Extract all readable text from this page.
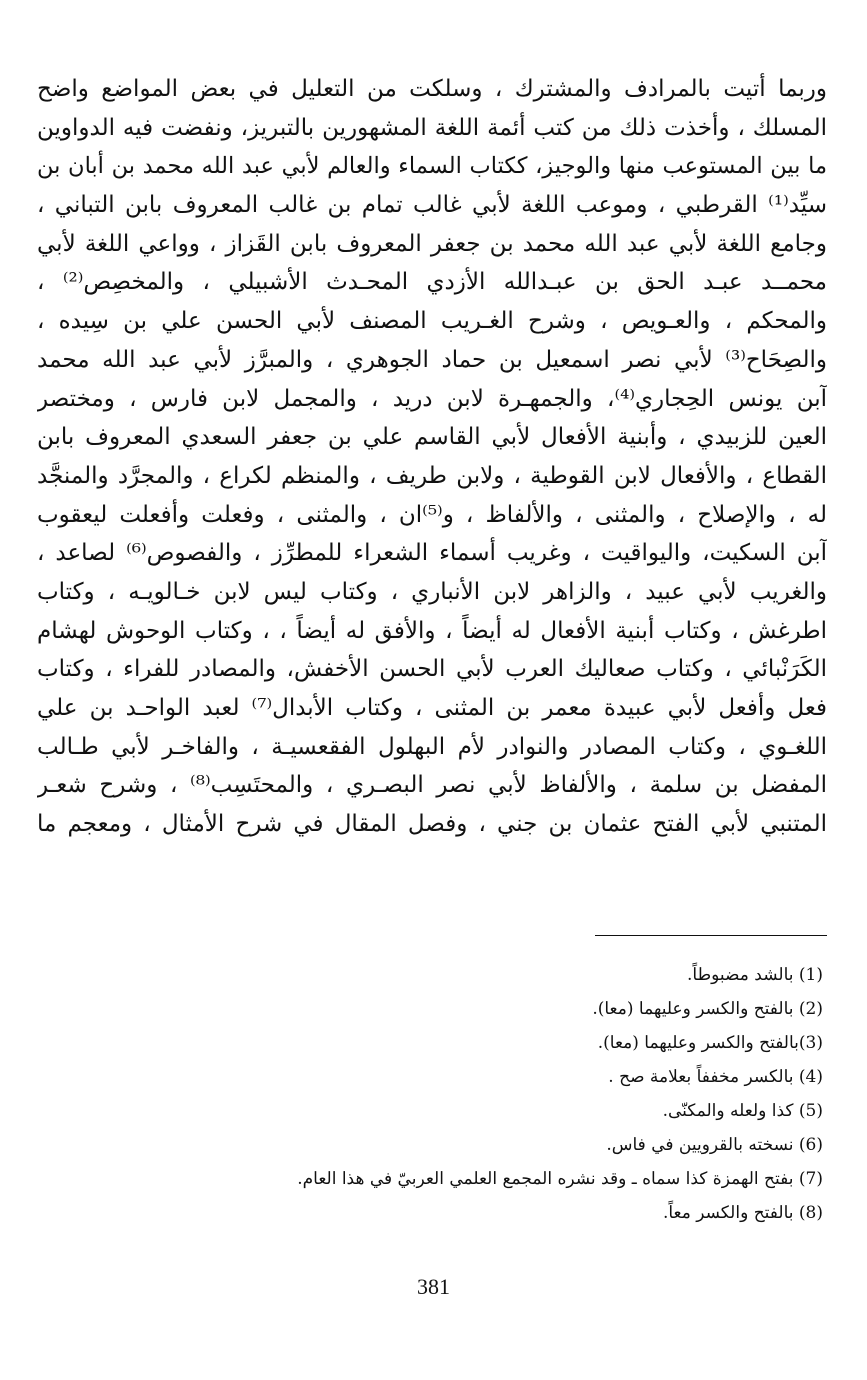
وربما أتيت بالمرادف والمشترك ، وسلكت من التعليل في بعض المواضع واضح
المسلك ، وأخذت ذلك من كتب أئمة اللغة المشهورين بالتبريز، ونفضت فيه الدواوين
ما بين المستوعب منها والوجيز، ككتاب السماء والعالم لأبي عبد الله محمد بن أبان بن
سيِّد⁽¹⁾ القرطبي ، وموعب اللغة لأبي غالب تمام بن غالب المعروف بابن التباني ،
وجامع اللغة لأبي عبد الله محمد بن جعفر المعروف بابن القَزاز ، وواعي اللغة لأبي
محمــد عبـد الحق بن عبـدالله الأزدي المحـدث الأشبيلي ، والمخصِص⁽²⁾ ،
والمحكم ، والعـويص ، وشرح الغـريب المصنف لأبي الحسن علي بن سِيده ،
والصِحَاح⁽³⁾ لأبي نصر اسمعيل بن حماد الجوهري ، والمبرَّز لأبي عبد الله محمد
آبن يونس الحِجاري⁽⁴⁾، والجمهـرة لابن دريد ، والمجمل لابن فارس ، ومختصر
العين للزبيدي ، وأبنية الأفعال لأبي القاسم علي بن جعفر السعدي المعروف بابن
القطاع ، والأفعال لابن القوطية ، ولابن طريف ، والمنظم لكراع ، والمجرَّد والمنجَّد
له ، والإصلاح ، والمثنى ، والألفاظ ، و⁽⁵⁾ان ، والمثنى ، وفعلت وأفعلت ليعقوب
آبن السكيت، واليواقيت ، وغريب أسماء الشعراء للمطرِّز ، والفصوص⁽⁶⁾ لصاعد ،
والغريب لأبي عبيد ، والزاهر لابن الأنباري ، وكتاب ليس لابن خـالويـه ، وكتاب
اطرغش ، وكتاب أبنية الأفعال له أيضاً ، والأفق له أيضاً ، ، وكتاب الوحوش لهشام
الكَرَنْبائي ، وكتاب صعاليك العرب لأبي الحسن الأخفش، والمصادر للفراء ، وكتاب
فعل وأفعل لأبي عبيدة معمر بن المثنى ، وكتاب الأبدال⁽⁷⁾ لعبد الواحـد بن علي
اللغـوي ، وكتاب المصادر والنوادر لأم البهلول الفقعسيـة ، والفاخـر لأبي طـالب
المفضل بن سلمة ، والألفاظ لأبي نصر البصـري ، والمحتَسِب⁽⁸⁾ ، وشرح شعـر
المتنبي لأبي الفتح عثمان بن جني ، وفصل المقال في شرح الأمثال ، ومعجم ما
(1) بالشد مضبوطاً.
(2) بالفتح والكسر وعليهما (معا).
(3)بالفتح والكسر وعليهما (معا).
(4) بالكسر مخففاً بعلامة صح .
(5) كذا ولعله والمكنّى.
(6) نسخته بالقرويين في فاس.
(7) بفتح الهمزة كذا سماه ـ وقد نشره المجمع العلمي العربيّ في هذا العام.
(8) بالفتح والكسر معاً.
381
